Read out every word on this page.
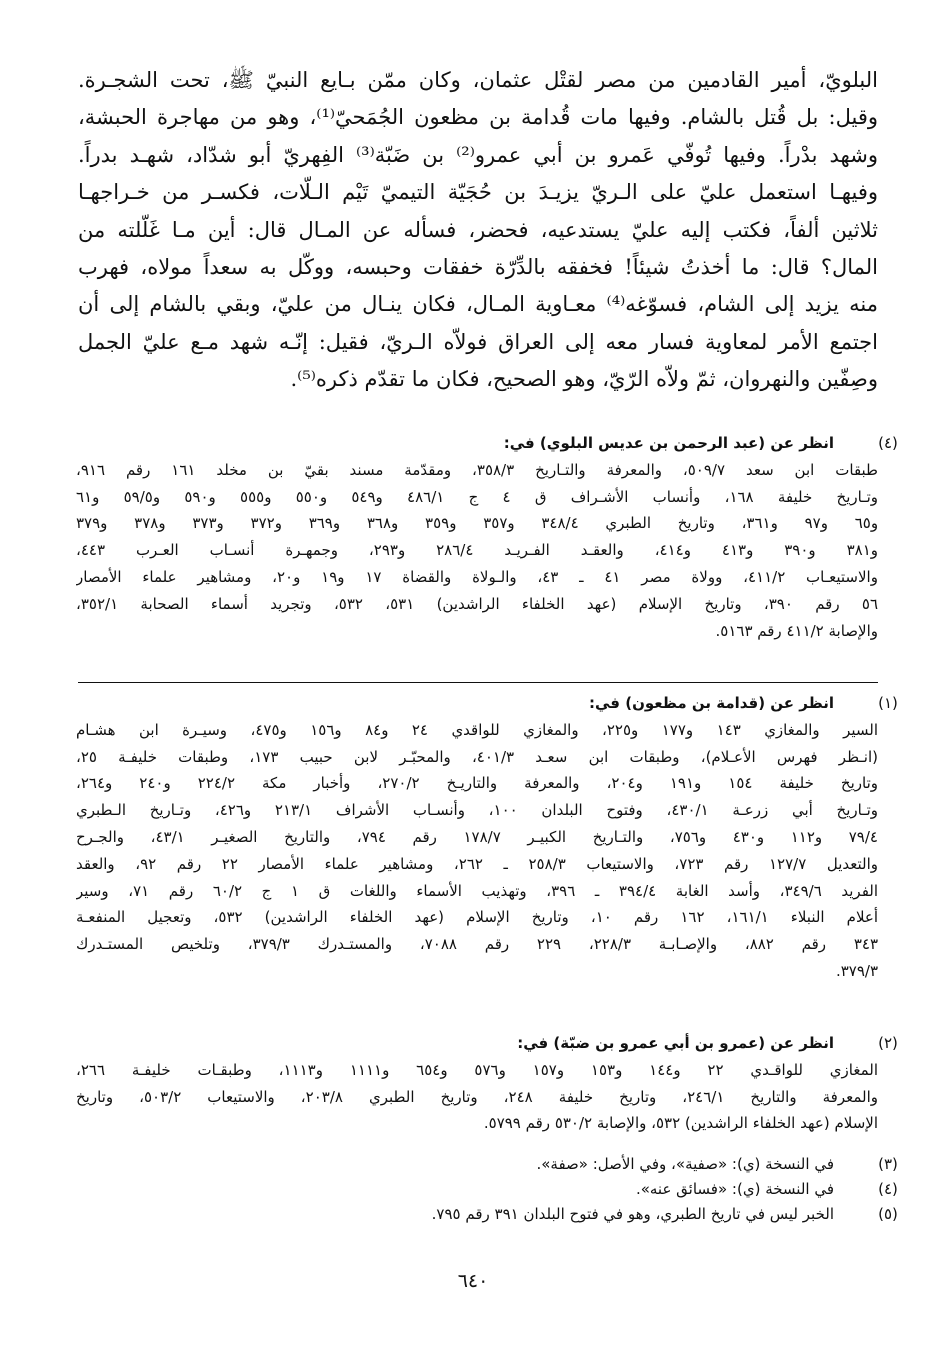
البلويّ، أمير القادمين من مصر لقتْل عثمان، وكان ممّن بـايع النبيّ ﷺ، تحت الشجـرة.
وقيل: بل قُتل بالشام. وفيها مات قُدامة بن مظعون الجُمَحيّ⁽¹⁾، وهو من مهاجرة الحبشة،
وشهد بدْراً. وفيها تُوفّي عَمرو بن أبي عمرو⁽²⁾ بن ضَبّة⁽³⁾ الفِهريّ أبو شدّاد، شهـد بدراً.
وفيهـا استعمل عليّ على الـريّ يزيـدَ بن حُجَيّة التيميّ تَيْم الـلّات، فكسـر من خـراجهـا
ثلاثين ألفاً، فكتب إليه عليّ يستدعيه، فحضر، فسأله عن المـال قال: أين مـا غَلّلته من
المال؟ قال: ما أخذتُ شيئاً! فخفقه بالدِّرّة خفقات وحبسه، ووكّل به سعداً مولاه، فهرب
منه يزيد إلى الشام، فسوّغه⁽⁴⁾ معـاوية المـال، فكان ينـال من عليّ، وبقي بالشام إلى أن
اجتمع الأمر لمعاوية فسار معه إلى العراق فولاّه الـريّ، فقيل: إنّـه شهد مـع عليّ الجمل
وصِفّين والنهروان، ثمّ ولاّه الرّيّ، وهو الصحيح، فكان ما تقدّم ذكره⁽⁵⁾.
(٤)
انظر عن (عبد الرحمن بن عديس البلوي) في:
طبقات ابن سعد ٥٠٩/٧، والمعرفة والتـاريخ ٣٥٨/٣، ومقدّمة مسند بقيّ بن مخلد ١٦١ رقم ٩١٦،
وتـاريخ خليفة ١٦٨، وأنساب الأشـراف ق ٤ ج ٤٨٦/١ و٥٤٩ و٥٥٠ و٥٥٥ و٥٩٠ و٥٩/٥ و٦١
و٦٥ و٩٧ و٣٦١، وتاريخ الطبري ٣٤٨/٤ و٣٥٧ و٣٥٩ و٣٦٨ و٣٦٩ و٣٧٢ و٣٧٣ و٣٧٨ و٣٧٩
و٣٨١ و٣٩٠ و٤١٣ و٤١٤، والعقـد الفـريـد ٢٨٦/٤ و٢٩٣، وجمهـرة أنسـاب العـرب ٤٤٣،
والاستيعـاب ٤١١/٢، وولاة مصر ٤١ ـ ٤٣، والـولاة والقضاة ١٧ و١٩ و٢٠، ومشاهير علماء الأمصار
٥٦ رقم ٣٩٠، وتاريخ الإسلام (عهد الخلفاء الراشدين) ٥٣١، ٥٣٢، وتجريد أسماء الصحابة ٣٥٢/١،
والإصابة ٤١١/٢ رقم ٥١٦٣.
(١)
انظر عن (قدامة بن مظعون) في:
السير والمغازي ١٤٣ و١٧٧ و٢٢٥، والمغازي للواقدي ٢٤ و٨٤ و١٥٦ و٤٧٥، وسيـرة ابن هشـام
(انـظر فهرس الأعـلام)، وطبقات ابن سعـد ٤٠١/٣، والمحبّـر لابن حبيب ١٧٣، وطبقات خليفـة ٢٥،
وتاريخ خليفة ١٥٤ و١٩١ و٢٠٤، والمعرفة والتاريـخ ٢٧٠/٢، وأخبار مكة ٢٢٤/٢ و٢٤٠ و٢٦٤،
وتـاريخ أبي زرعـة ٤٣٠/١، وفتوح البلدان ١٠٠، وأنسـاب الأشراف ٢١٣/١ و٤٢٦، وتـاريخ الـطبري
٧٩/٤ و١١٢ و٤٣٠ و٧٥٦، والتـاريخ الكبيـر ١٧٨/٧ رقم ٧٩٤، والتاريخ الصغيـر ٤٣/١، والجـرح
والتعديل ١٢٧/٧ رقم ٧٢٣، والاستيعاب ٢٥٨/٣ ـ ٢٦٢، ومشاهير علماء الأمصار ٢٢ رقم ٩٢، والعقد
الفريد ٣٤٩/٦، وأسد الغابة ٣٩٤/٤ ـ ٣٩٦، وتهذيب الأسماء واللغات ق ١ ج ٦٠/٢ رقم ٧١، وسير
أعلام النبلاء ١٦١/١، ١٦٢ رقم ١٠، وتاريخ الإسلام (عهد الخلفاء الراشدين) ٥٣٢، وتعجيل المنفعـة
٣٤٣ رقم ٨٨٢، والإصـابـة ٢٢٨/٣، ٢٢٩ رقم ٧٠٨٨، والمستـدرك ٣٧٩/٣، وتلخيص المستـدرك
٣٧٩/٣.
(٢)
انظر عن (عمرو بن أبي عمرو بن ضبّة) في:
المغازي للواقـدي ٢٢ و١٤٤ و١٥٣ و١٥٧ و٥٧٦ و٦٥٤ و١١١١ و١١١٣، وطبقـات خليفـة ٢٦٦،
والمعرفة والتاريخ ٢٤٦/١، وتاريخ خليفة ٢٤٨، وتاريخ الطبري ٢٠٣/٨، والاستيعاب ٥٠٣/٢، وتاريخ
الإسلام (عهد الخلفاء الراشدين) ٥٣٢، والإصابة ٥٣٠/٢ رقم ٥٧٩٩.
(٣)
في النسخة (ي): «صفية»، وفي الأصل: «صفة».
(٤)
في النسخة (ي): «فسائق عنه».
(٥)
الخبر ليس في تاريخ الطبري، وهو في فتوح البلدان ٣٩١ رقم ٧٩٥.
٦٤٠
